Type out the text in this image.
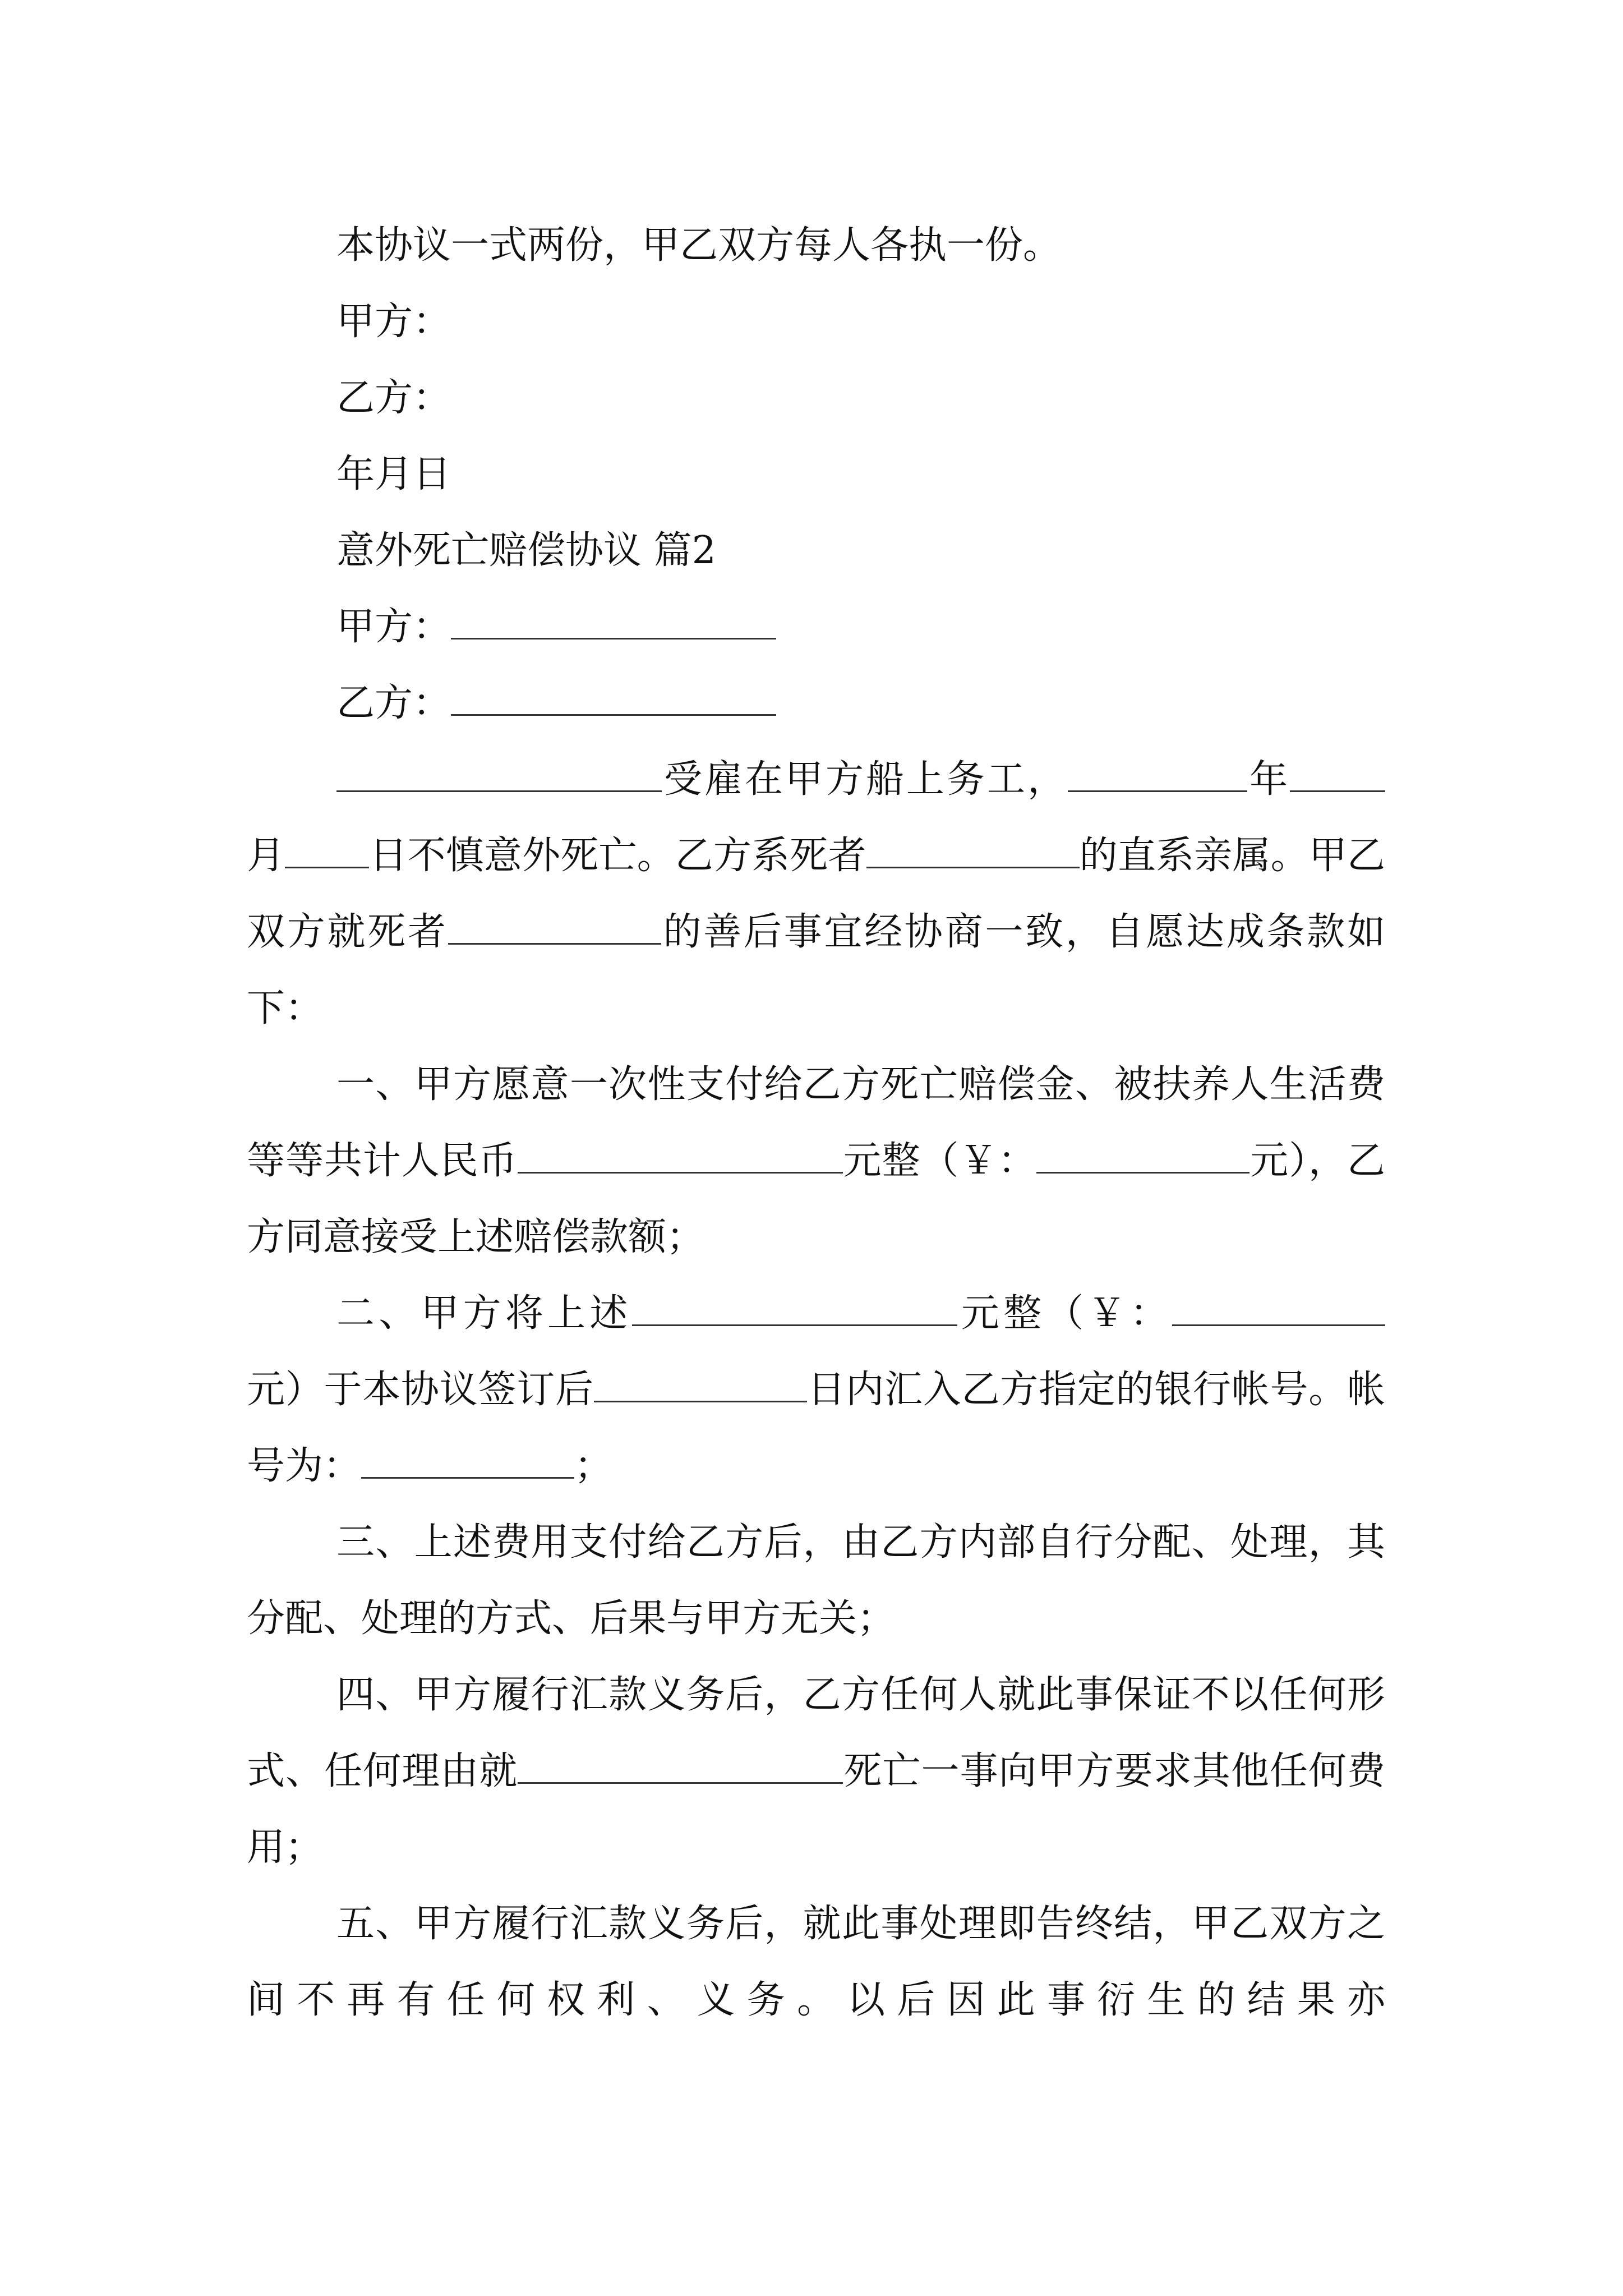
本协议一式两份，甲乙双方每人各执一份。
甲方：
乙方：
年月日
意外死亡赔偿协议 篇2
甲方：
乙方：
受雇在甲方船上务工，	年月 日不慎意外死亡。乙方系死者	的直系亲属。甲乙双方就死者	的善后事宜经协商一致，自愿达成条款如下：
一、甲方愿意一次性支付给乙方死亡赔偿金、被扶养人生活费等等共计人民币	元整（￥：	元），乙方同意接受上述赔偿款额；
二、甲方将上述	元整（￥：元）于本协议签订后	日内汇入乙方指定的银行帐号。帐号为：	；
三、上述费用支付给乙方后，由乙方内部自行分配、处理，其分配、处理的方式、后果与甲方无关；
四、甲方履行汇款义务后，乙方任何人就此事保证不以任何形式、任何理由就	死亡一事向甲方要求其他任何费用；
五、甲方履行汇款义务后，就此事处理即告终结，甲乙双方之间不再有任何权利、义务。以后因此事衍生的结果亦
